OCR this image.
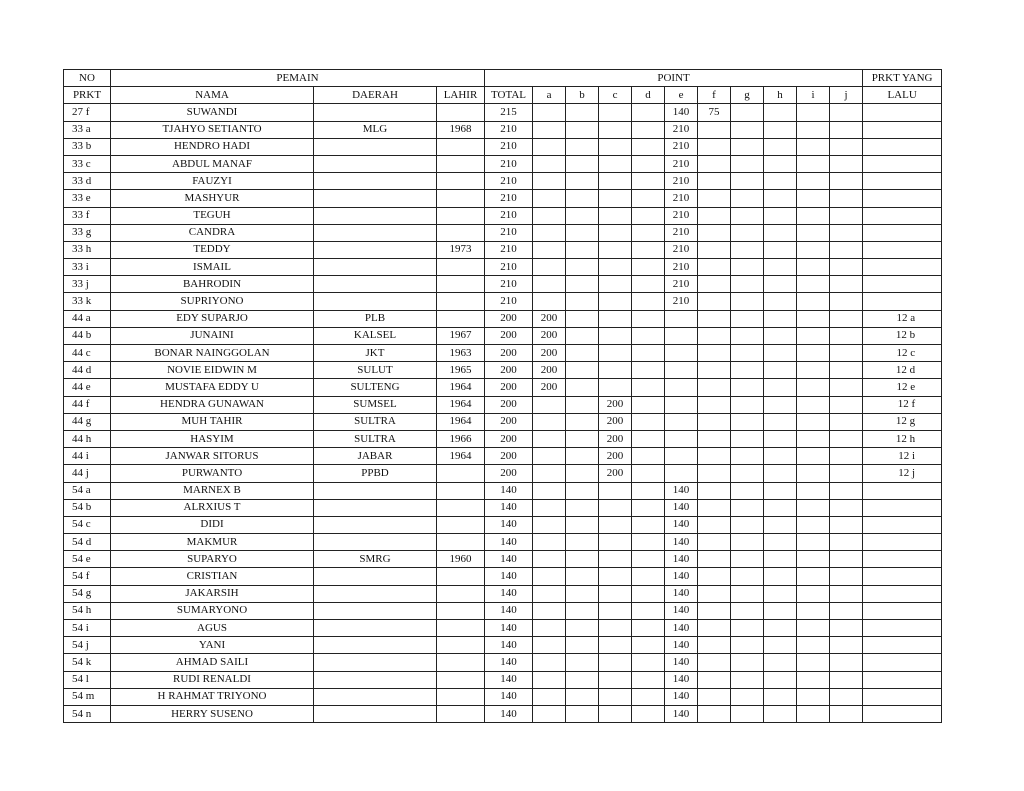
NO	PEMAIN			POINT											PRKT YANG
PRKT	NAMA	DAERAH	LAHIR	TOTAL	a	b	c	d	e	f	g	h	i	j	LALU
27 f	SUWANDI			215					140	75					
33 a	TJAHYO SETIANTO	MLG	1968	210					210						
33 b	HENDRO HADI			210					210						
33 c	ABDUL MANAF			210					210						
33 d	FAUZYI			210					210						
33 e	MASHYUR			210					210						
33 f	TEGUH			210					210						
33 g	CANDRA			210					210						
33 h	TEDDY		1973	210					210						
33 i	ISMAIL			210					210						
33 j	BAHRODIN			210					210						
33 k	SUPRIYONO			210					210						
44 a	EDY SUPARJO	PLB		200	200										12 a
44 b	JUNAINI	KALSEL	1967	200	200										12 b
44 c	BONAR NAINGGOLAN	JKT	1963	200	200										12 c
44 d	NOVIE EIDWIN M	SULUT	1965	200	200										12 d
44 e	MUSTAFA EDDY U	SULTENG	1964	200	200										12 e
44 f	HENDRA GUNAWAN	SUMSEL	1964	200			200								12 f
44 g	MUH TAHIR	SULTRA	1964	200			200								12 g
44 h	HASYIM	SULTRA	1966	200			200								12 h
44 i	JANWAR SITORUS	JABAR	1964	200			200								12 i
44 j	PURWANTO	PPBD		200			200								12 j
54 a	MARNEX B			140					140						
54 b	ALRXIUS T			140					140						
54 c	DIDI			140					140						
54 d	MAKMUR			140					140						
54 e	SUPARYO	SMRG	1960	140					140						
54 f	CRISTIAN			140					140						
54 g	JAKARSIH			140					140						
54 h	SUMARYONO			140					140						
54 i	AGUS			140					140						
54 j	YANI			140					140						
54 k	AHMAD SAILI			140					140						
54 l	RUDI RENALDI			140					140						
54 m	H RAHMAT TRIYONO			140					140						
54 n	HERRY SUSENO			140					140						
